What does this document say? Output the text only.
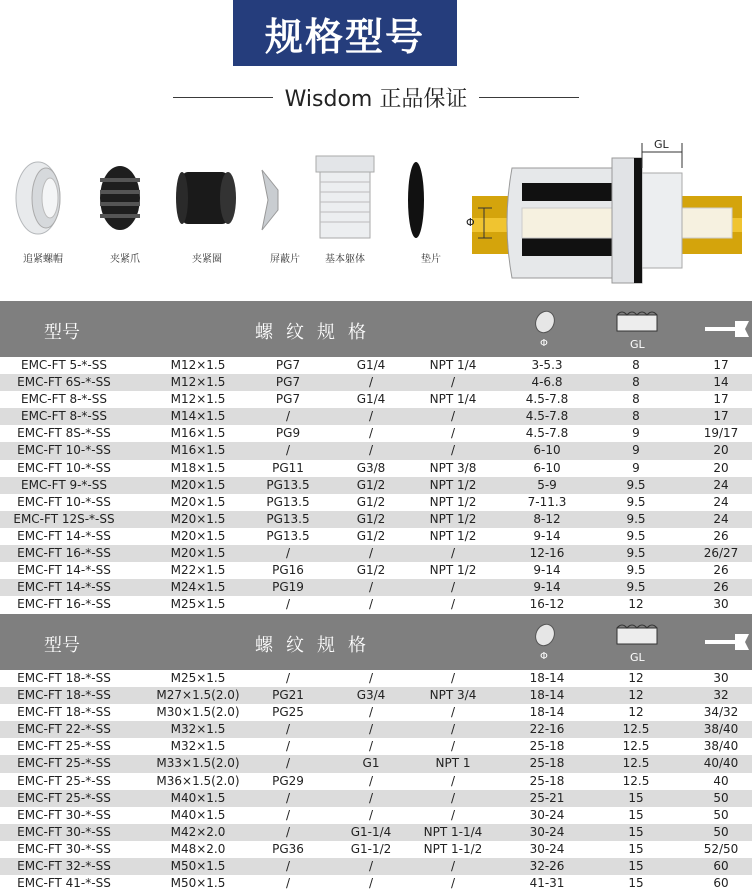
规格型号
Wisdom 正品保证
追紧螺帽	夹紧爪	夹紧圈	屏蔽片	基本躯体	垫片
GL
Φ
型号	螺纹规格
Φ	GL
EMC-FT 5-*-SS	M12×1.5	PG7	G1/4	NPT 1/4	3-5.3	8	17
EMC-FT 6S-*-SS	M12×1.5	PG7	/	/	4-6.8	8	14
EMC-FT 8-*-SS	M12×1.5	PG7	G1/4	NPT 1/4	4.5-7.8	8	17
EMC-FT 8-*-SS	M14×1.5	/	/	/	4.5-7.8	8	17
EMC-FT 8S-*-SS	M16×1.5	PG9	/	/	4.5-7.8	9	19/17
EMC-FT 10-*-SS	M16×1.5	/	/	/	6-10	9	20
EMC-FT 10-*-SS	M18×1.5	PG11	G3/8	NPT 3/8	6-10	9	20
EMC-FT 9-*-SS	M20×1.5	PG13.5	G1/2	NPT 1/2	5-9	9.5	24
EMC-FT 10-*-SS	M20×1.5	PG13.5	G1/2	NPT 1/2	7-11.3	9.5	24
EMC-FT 12S-*-SS	M20×1.5	PG13.5	G1/2	NPT 1/2	8-12	9.5	24
EMC-FT 14-*-SS	M20×1.5	PG13.5	G1/2	NPT 1/2	9-14	9.5	26
EMC-FT 16-*-SS	M20×1.5	/	/	/	12-16	9.5	26/27
EMC-FT 14-*-SS	M22×1.5	PG16	G1/2	NPT 1/2	9-14	9.5	26
EMC-FT 14-*-SS	M24×1.5	PG19	/	/	9-14	9.5	26
EMC-FT 16-*-SS	M25×1.5	/	/	/	16-12	12	30
型号	螺纹规格
Φ	GL
EMC-FT 18-*-SS	M25×1.5	/	/	/	18-14	12	30
EMC-FT 18-*-SS	M27×1.5(2.0)	PG21	G3/4	NPT 3/4	18-14	12	32
EMC-FT 18-*-SS	M30×1.5(2.0)	PG25	/	/	18-14	12	34/32
EMC-FT 22-*-SS	M32×1.5	/	/	/	22-16	12.5	38/40
EMC-FT 25-*-SS	M32×1.5	/	/	/	25-18	12.5	38/40
EMC-FT 25-*-SS	M33×1.5(2.0)	/	G1	NPT 1	25-18	12.5	40/40
EMC-FT 25-*-SS	M36×1.5(2.0)	PG29	/	/	25-18	12.5	40
EMC-FT 25-*-SS	M40×1.5	/	/	/	25-21	15	50
EMC-FT 30-*-SS	M40×1.5	/	/	/	30-24	15	50
EMC-FT 30-*-SS	M42×2.0	/	G1-1/4	NPT 1-1/4	30-24	15	50
EMC-FT 30-*-SS	M48×2.0	PG36	G1-1/2	NPT 1-1/2	30-24	15	52/50
EMC-FT 32-*-SS	M50×1.5	/	/	/	32-26	15	60
EMC-FT 41-*-SS	M50×1.5	/	/	/	41-31	15	60
